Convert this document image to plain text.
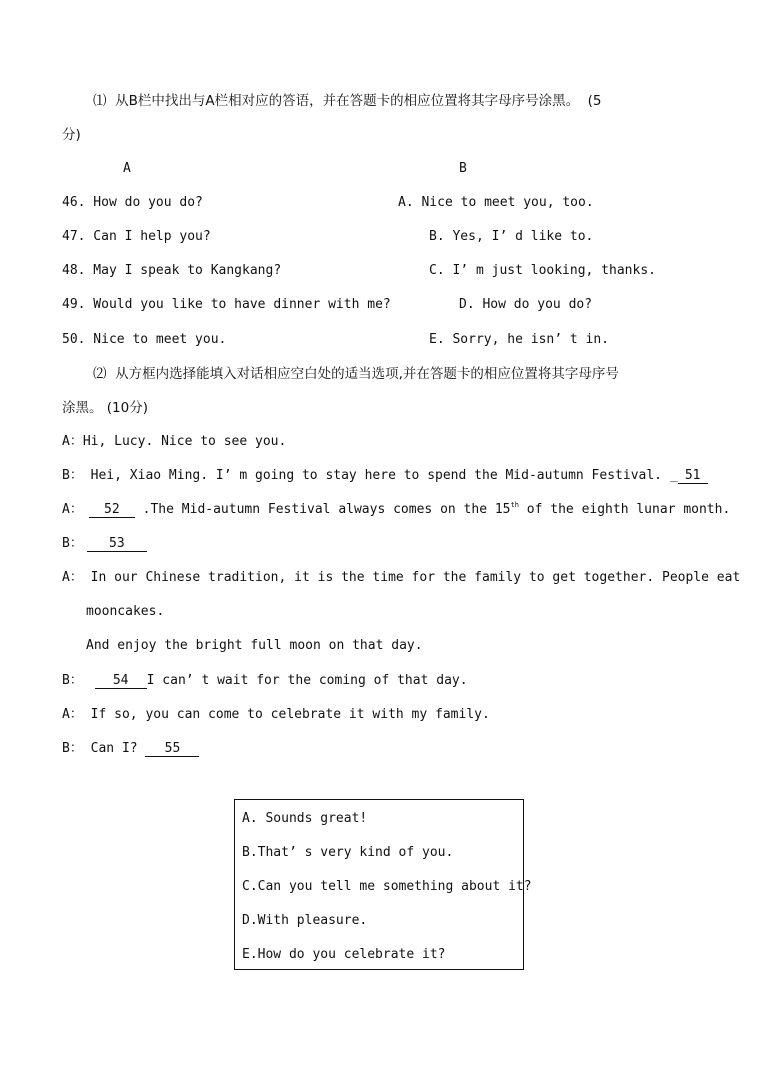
⑴  从B栏中找出与A栏相对应的答语，并在答题卡的相应位置将其字母序号涂黑。  (5
分)
A	B
46. How do you do?	A. Nice to meet you, too.
47. Can I help you?	B. Yes, I’ d like to.
48. May I speak to Kangkang?	C. I’ m just looking, thanks.
49. Would you like to have dinner with me?	D. How do you do?
50. Nice to meet you.	E. Sorry, he isn’ t in.
⑵  从方框内选择能填入对话相应空白处的适当选项,并在答题卡的相应位置将其字母序号
涂黑。 (10分)
A：Hi, Lucy. Nice to see you.
B： Hei, Xiao Ming. I’ m going to stay here to spend the Mid-autumn Festival. _ 51
A： 52 .The Mid-autumn Festival always comes on the 15th of the eighth lunar month.
B： 53
A： In our Chinese tradition, it is the time for the family to get together. People eat
mooncakes.
And enjoy the bright full moon on that day.
B： 54 I can’ t wait for the coming of that day.
A： If so, you can come to celebrate it with my family.
B： Can I? 55
A. Sounds great!
B.That’ s very kind of you.
C.Can you tell me something about it?
D.With pleasure.
E.How do you celebrate it?
